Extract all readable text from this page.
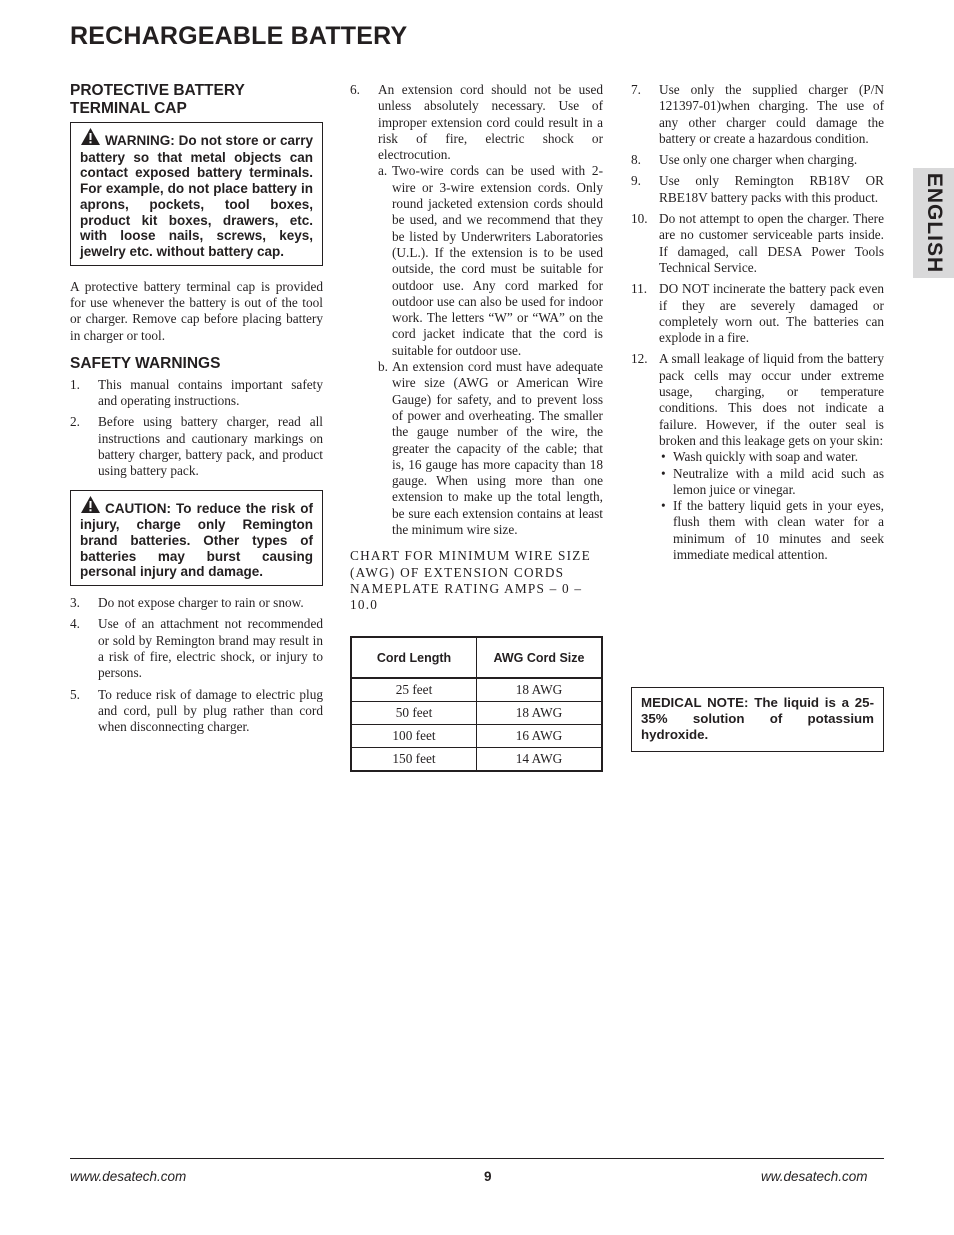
RECHARGEABLE BATTERY
ENGLISH
PROTECTIVE BATTERY TERMINAL CAP
WARNING: Do not store or carry battery so that metal objects can contact exposed battery terminals. For example, do not place battery in aprons, pockets, tool boxes, product kit boxes, drawers, etc. with loose nails, screws, keys, jewelry etc. without battery cap.

A protective battery terminal cap is provided for use whenever the battery is out of the tool or charger. Remove cap before placing battery in charger or tool.

SAFETY WARNINGS
1. This manual contains important safety and operating instructions.
2. Before using battery charger, read all instructions and cautionary markings on battery charger, battery pack, and product using battery pack.
CAUTION: To reduce the risk of injury, charge only Remington brand batteries. Other types of batteries may burst causing personal injury and damage.
3. Do not expose charger to rain or snow.
4. Use of an attachment not recommended or sold by Remington brand may result in a risk of fire, electric shock, or injury to persons.
5. To reduce risk of damage to electric plug and cord, pull by plug rather than cord when disconnecting charger.
6. An extension cord should not be used unless absolutely necessary. Use of improper extension cord could result in a risk of fire, electric shock or electrocution.
a. Two-wire cords can be used with 2-wire or 3-wire extension cords. Only round jacketed extension cords should be used, and we recommend that they be listed by Underwriters Laboratories (U.L.). If the extension is to be used outside, the cord must be suitable for outdoor use. Any cord marked for outdoor use can also be used for indoor work. The letters “W” or “WA” on the cord jacket indicate that the cord is suitable for outdoor use.
b. An extension cord must have adequate wire size (AWG or American Wire Gauge) for safety, and to prevent loss of power and overheating. The smaller the gauge number of the wire, the greater the capacity of the cable; that is, 16 gauge has more capacity than 18 gauge. When using more than one extension to make up the total length, be sure each extension contains at least the minimum wire size.

CHART FOR MINIMUM WIRE SIZE (AWG) OF EXTENSION CORDS NAMEPLATE RATING AMPS – 0 – 10.0

Cord Length	AWG Cord Size
25 feet	18 AWG
50 feet	18 AWG
100 feet	16 AWG
150 feet	14 AWG
7. Use only the supplied charger (P/N 121397-01)when charging. The use of any other charger could damage the battery or create a hazardous condition.
8. Use only one charger when charging.
9. Use only Remington RB18V OR RBE18V battery packs with this product.
10. Do not attempt to open the charger. There are no customer serviceable parts inside. If damaged, call DESA Power Tools Technical Service.
11. DO NOT incinerate the battery pack even if they are severely damaged or completely worn out. The batteries can explode in a fire.
12. A small leakage of liquid from the battery pack cells may occur under extreme usage, charging, or temperature conditions. This does not indicate a failure. However, if the outer seal is broken and this leakage gets on your skin:
• Wash quickly with soap and water.
• Neutralize with a mild acid such as lemon juice or vinegar.
• If the battery liquid gets in your eyes, flush them with clean water for a minimum of 10 minutes and seek immediate medical attention.
MEDICAL NOTE: The liquid is a 25-35% solution of potassium hydroxide.
www.desatech.com	9	ww.desatech.com
